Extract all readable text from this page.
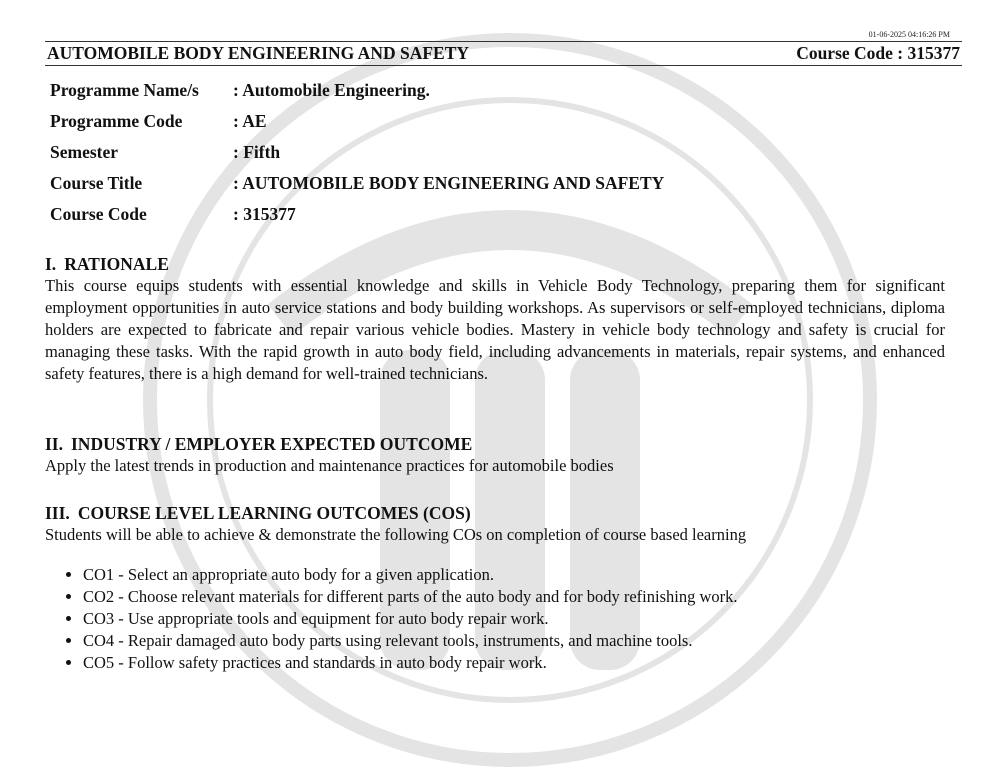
01-06-2025 04:16:26 PM
AUTOMOBILE BODY ENGINEERING AND SAFETY	Course Code : 315377
Programme Name/s	: Automobile Engineering.
Programme Code	: AE
Semester	: Fifth
Course Title	: AUTOMOBILE BODY ENGINEERING AND SAFETY
Course Code	: 315377
I. RATIONALE
This course equips students with essential knowledge and skills in Vehicle Body Technology, preparing them for significant employment opportunities in auto service stations and body building workshops. As supervisors or self-employed technicians, diploma holders are expected to fabricate and repair various vehicle bodies. Mastery in vehicle body technology and safety is crucial for managing these tasks. With the rapid growth in auto body field, including advancements in materials, repair systems, and enhanced safety features, there is a high demand for well-trained technicians.
II. INDUSTRY / EMPLOYER EXPECTED OUTCOME
Apply the latest trends in production and maintenance practices for automobile bodies
III. COURSE LEVEL LEARNING OUTCOMES (COS)
Students will be able to achieve & demonstrate the following COs on completion of course based learning
• CO1 - Select an appropriate auto body for a given application.
• CO2 - Choose relevant materials for different parts of the auto body and for body refinishing work.
• CO3 - Use appropriate tools and equipment for auto body repair work.
• CO4 - Repair damaged auto body parts using relevant tools, instruments, and machine tools.
• CO5 - Follow safety practices and standards in auto body repair work.
